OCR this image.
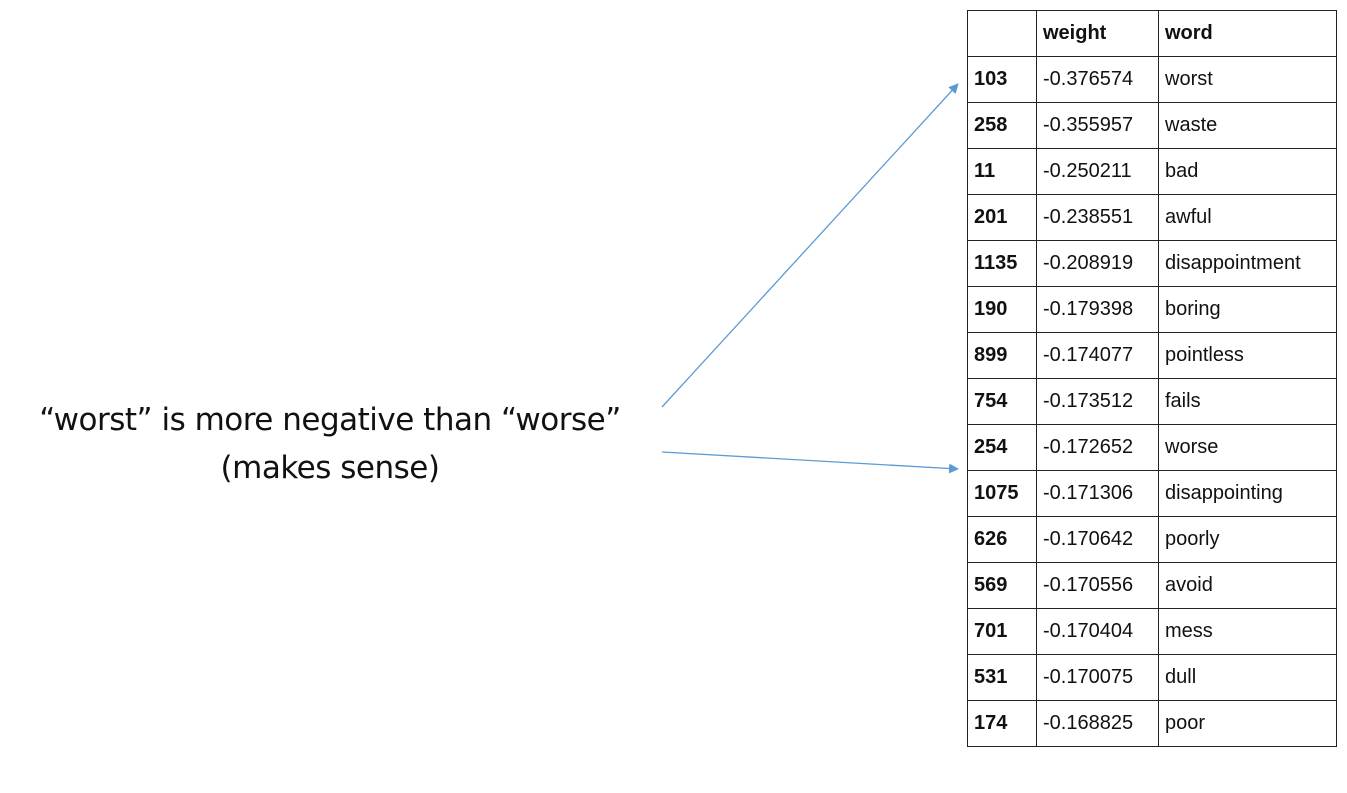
“worst” is more negative than “worse”
(makes sense)
	weight	word
103	-0.376574	worst
258	-0.355957	waste
11	-0.250211	bad
201	-0.238551	awful
1135	-0.208919	disappointment
190	-0.179398	boring
899	-0.174077	pointless
754	-0.173512	fails
254	-0.172652	worse
1075	-0.171306	disappointing
626	-0.170642	poorly
569	-0.170556	avoid
701	-0.170404	mess
531	-0.170075	dull
174	-0.168825	poor
